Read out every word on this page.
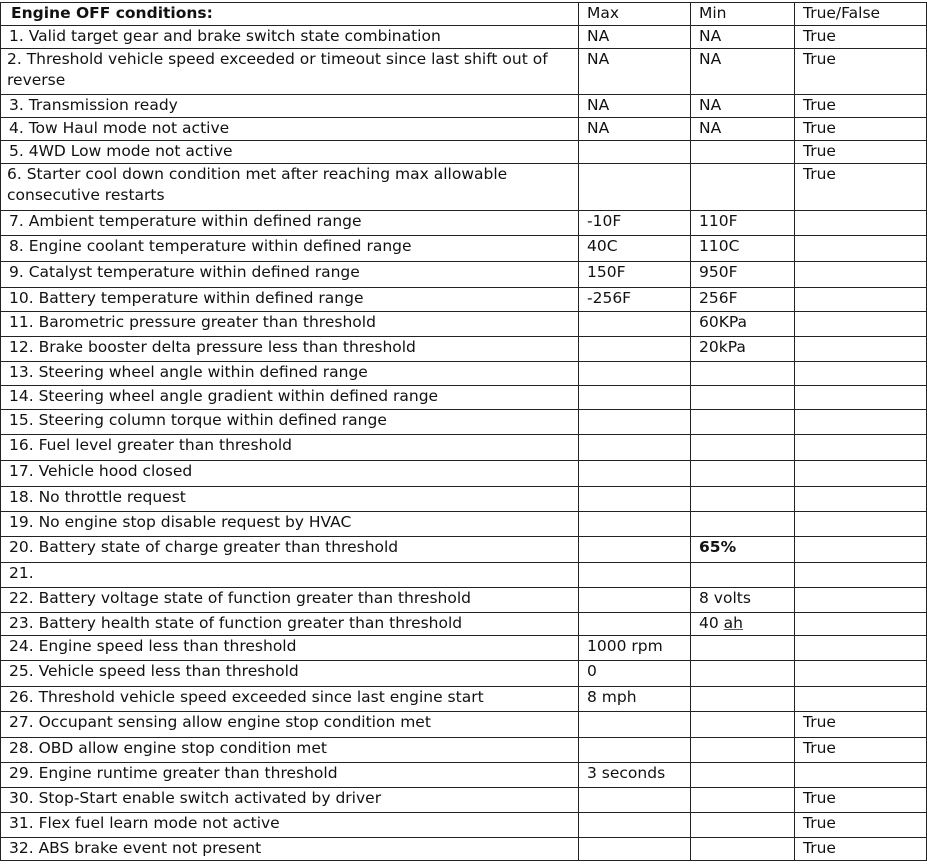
Engine OFF conditions:	Max	Min	True/False
1. Valid target gear and brake switch state combination	NA	NA	True
2. Threshold vehicle speed exceeded or timeout since last shift out of reverse	NA	NA	True
3. Transmission ready	NA	NA	True
4. Tow Haul mode not active	NA	NA	True
5. 4WD Low mode not active			True
6. Starter cool down condition met after reaching max allowable consecutive restarts			True
7. Ambient temperature within defined range	-10F	110F	
8. Engine coolant temperature within defined range	40C	110C	
9. Catalyst temperature within defined range	150F	950F	
10. Battery temperature within defined range	-256F	256F	
11. Barometric pressure greater than threshold		60KPa	
12. Brake booster delta pressure less than threshold		20kPa	
13. Steering wheel angle within defined range			
14. Steering wheel angle gradient within defined range			
15. Steering column torque within defined range			
16. Fuel level greater than threshold			
17. Vehicle hood closed			
18. No throttle request			
19. No engine stop disable request by HVAC			
20. Battery state of charge greater than threshold		65%	
21.			
22. Battery voltage state of function greater than threshold		8 volts	
23. Battery health state of function greater than threshold		40 ah	
24. Engine speed less than threshold	1000 rpm		
25. Vehicle speed less than threshold	0		
26. Threshold vehicle speed exceeded since last engine start	8 mph		
27. Occupant sensing allow engine stop condition met			True
28. OBD allow engine stop condition met			True
29. Engine runtime greater than threshold	3 seconds		
30. Stop-Start enable switch activated by driver			True
31. Flex fuel learn mode not active			True
32. ABS brake event not present			True
